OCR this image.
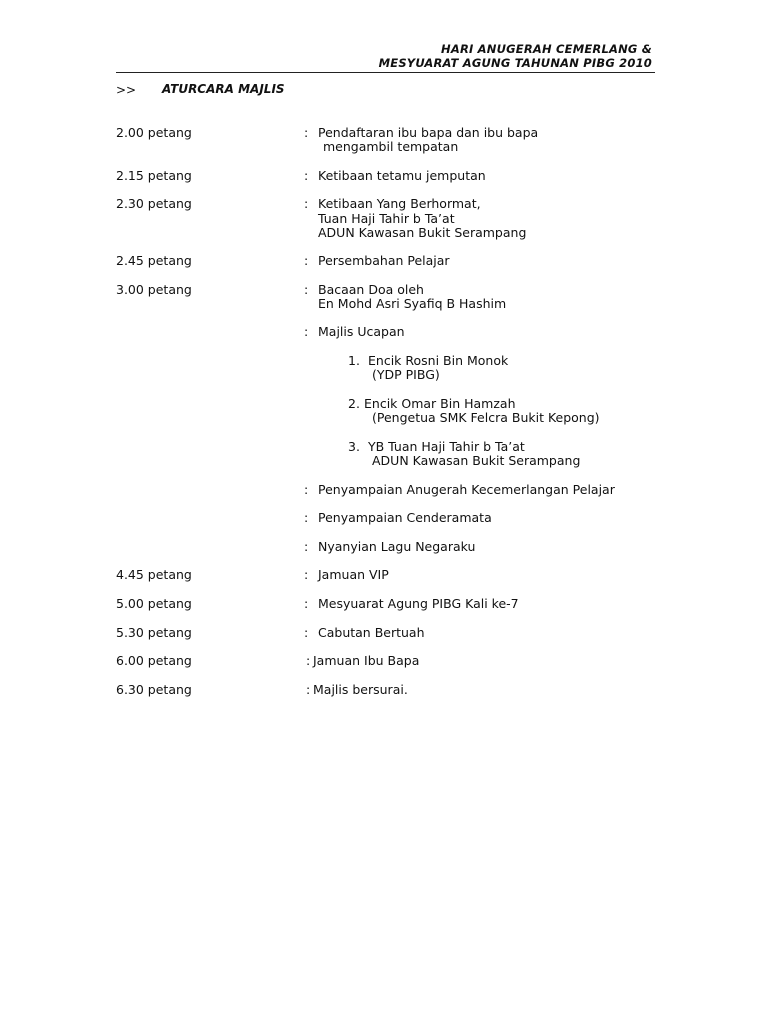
HARI ANUGERAH CEMERLANG &
MESYUARAT AGUNG TAHUNAN PIBG 2010
>> ATURCARA MAJLIS
2.00 petang	: Pendaftaran ibu bapa dan ibu bapa
mengambil tempatan
2.15 petang	: Ketibaan tetamu jemputan
2.30 petang	: Ketibaan Yang Berhormat,
Tuan Haji Tahir b Ta’at
ADUN Kawasan Bukit Serampang
2.45 petang	: Persembahan Pelajar
3.00 petang	: Bacaan Doa oleh
En Mohd Asri Syafiq B Hashim
: Majlis Ucapan
1. Encik Rosni Bin Monok
(YDP PIBG)
2. Encik Omar Bin Hamzah
(Pengetua SMK Felcra Bukit Kepong)
3. YB Tuan Haji Tahir b Ta’at
ADUN Kawasan Bukit Serampang
: Penyampaian Anugerah Kecemerlangan Pelajar
: Penyampaian Cenderamata
: Nyanyian Lagu Negaraku
4.45 petang	: Jamuan VIP
5.00 petang	: Mesyuarat Agung PIBG Kali ke-7
5.30 petang	: Cabutan Bertuah
6.00 petang	: Jamuan Ibu Bapa
6.30 petang	: Majlis bersurai.
